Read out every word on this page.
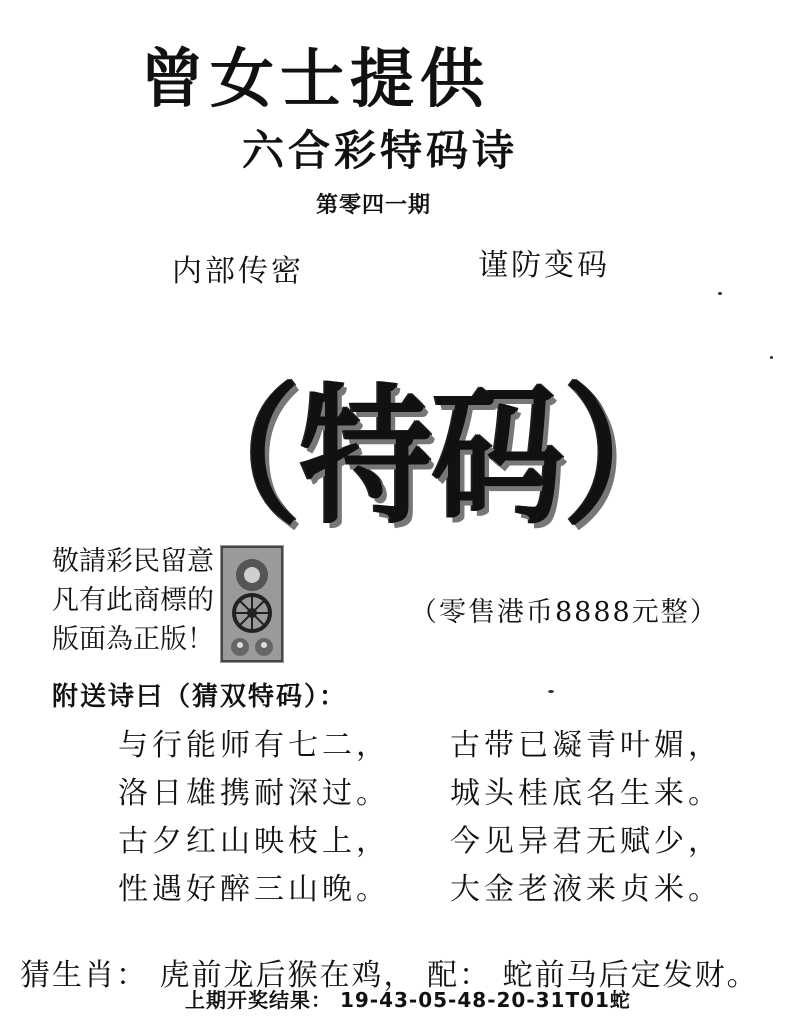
曾女士提供
六合彩特码诗
第零四一期
内部传密	谨防变码
（特码）
敬請彩民留意
凡有此商標的
版面為正版！
（零售港币8888元整）
附送诗曰（猜双特码）：
与行能师有七二，
洛日雄携耐深过。
古夕红山映枝上，
性遇好醉三山晚。
古带已凝青叶媚，
城头桂底名生来。
今见异君无赋少，
大金老液来贞米。
猜生肖： 虎前龙后猴在鸡， 配： 蛇前马后定发财。
上期开奖结果： 19-43-05-48-20-31T01蛇
